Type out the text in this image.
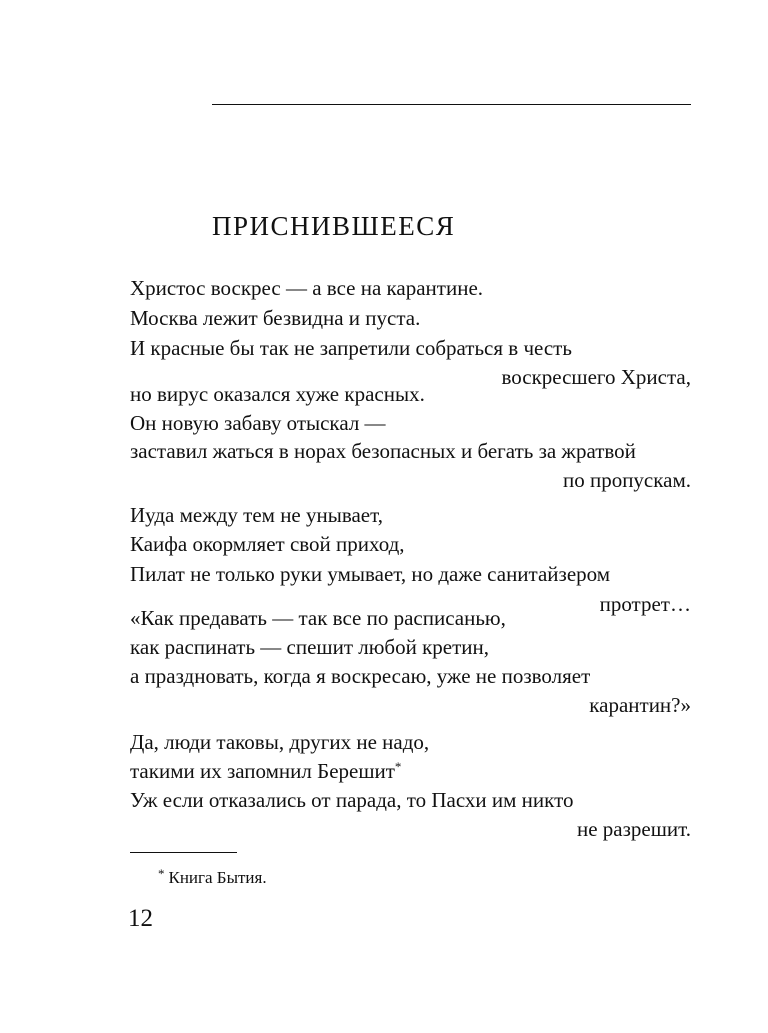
ПРИСНИВШЕЕСЯ
Христос воскрес — а все на карантине.
Москва лежит безвидна и пуста.
И красные бы так не запретили собраться в честь
воскресшего Христа,
но вирус оказался хуже красных.
Он новую забаву отыскал —
заставил жаться в норах безопасных и бегать за жратвой
по пропускам.
Иуда между тем не унывает,
Каифа окормляет свой приход,
Пилат не только руки умывает, но даже санитайзером
протрет…
«Как предавать — так все по расписанью,
как распинать — спешит любой кретин,
а праздновать, когда я воскресаю, уже не позволяет
карантин?»
Да, люди таковы, других не надо,
такими их запомнил Берешит*
Уж если отказались от парада, то Пасхи им никто
не разрешит.
* Книга Бытия.
12
